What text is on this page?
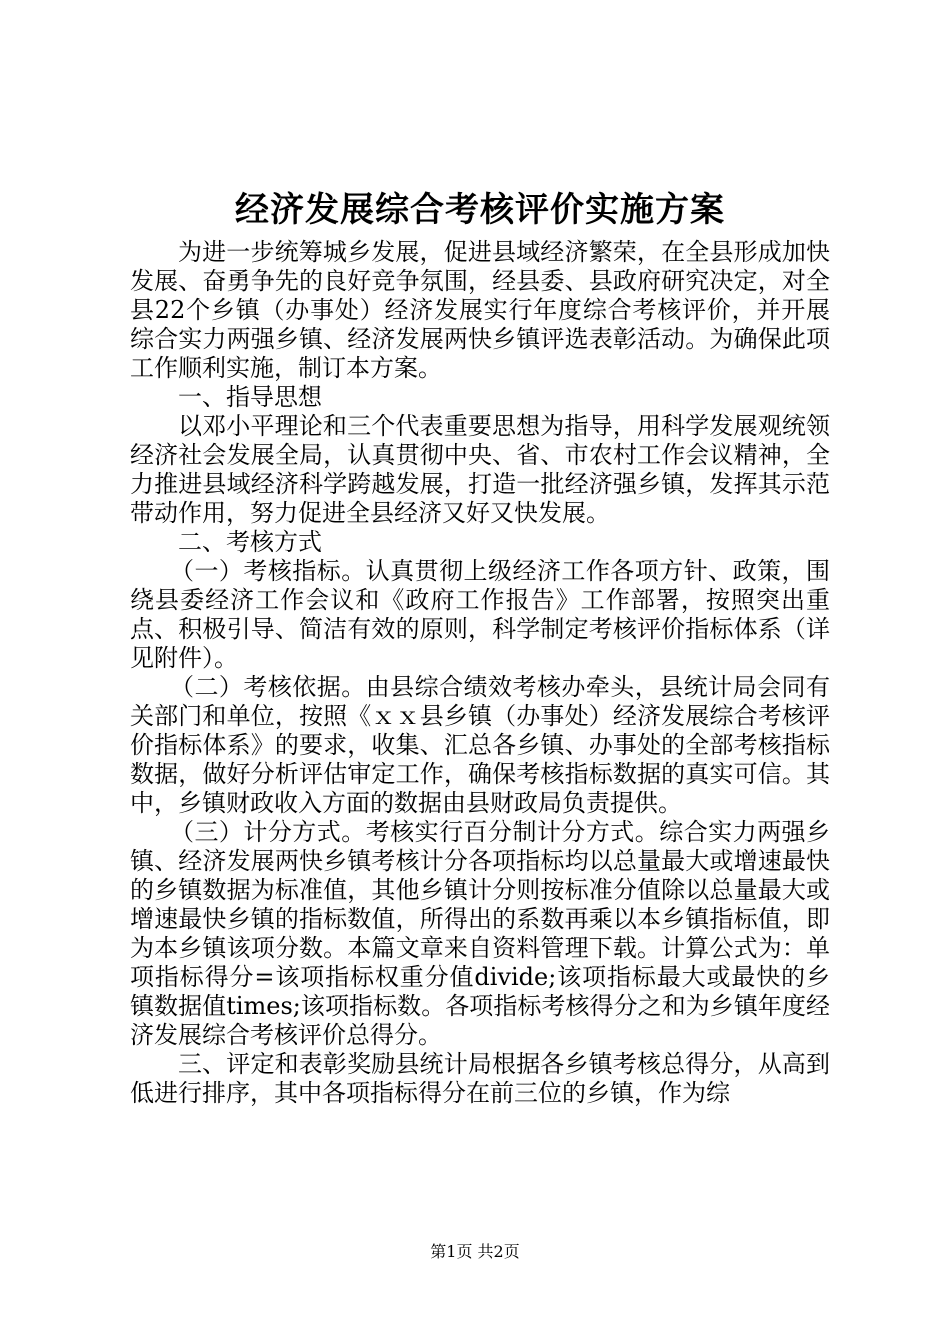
经济发展综合考核评价实施方案

为进一步统筹城乡发展，促进县域经济繁荣，在全县形成加快发展、奋勇争先的良好竞争氛围，经县委、县政府研究决定，对全县22个乡镇（办事处）经济发展实行年度综合考核评价，并开展综合实力两强乡镇、经济发展两快乡镇评选表彰活动。为确保此项工作顺利实施，制订本方案。

一、指导思想

以邓小平理论和三个代表重要思想为指导，用科学发展观统领经济社会发展全局，认真贯彻中央、省、市农村工作会议精神，全力推进县域经济科学跨越发展，打造一批经济强乡镇，发挥其示范带动作用，努力促进全县经济又好又快发展。

二、考核方式

（一）考核指标。认真贯彻上级经济工作各项方针、政策，围绕县委经济工作会议和《政府工作报告》工作部署，按照突出重点、积极引导、简洁有效的原则，科学制定考核评价指标体系（详见附件）。

（二）考核依据。由县综合绩效考核办牵头，县统计局会同有关部门和单位，按照《ｘｘ县乡镇（办事处）经济发展综合考核评价指标体系》的要求，收集、汇总各乡镇、办事处的全部考核指标数据，做好分析评估审定工作，确保考核指标数据的真实可信。其中，乡镇财政收入方面的数据由县财政局负责提供。

（三）计分方式。考核实行百分制计分方式。综合实力两强乡镇、经济发展两快乡镇考核计分各项指标均以总量最大或增速最快的乡镇数据为标准值，其他乡镇计分则按标准分值除以总量最大或增速最快乡镇的指标数值，所得出的系数再乘以本乡镇指标值，即为本乡镇该项分数。本篇文章来自资料管理下载。计算公式为：单项指标得分=该项指标权重分值divide;该项指标最大或最快的乡镇数据值times;该项指标数。各项指标考核得分之和为乡镇年度经济发展综合考核评价总得分。

三、评定和表彰奖励县统计局根据各乡镇考核总得分，从高到低进行排序，其中各项指标得分在前三位的乡镇，作为综

第1页 共2页
